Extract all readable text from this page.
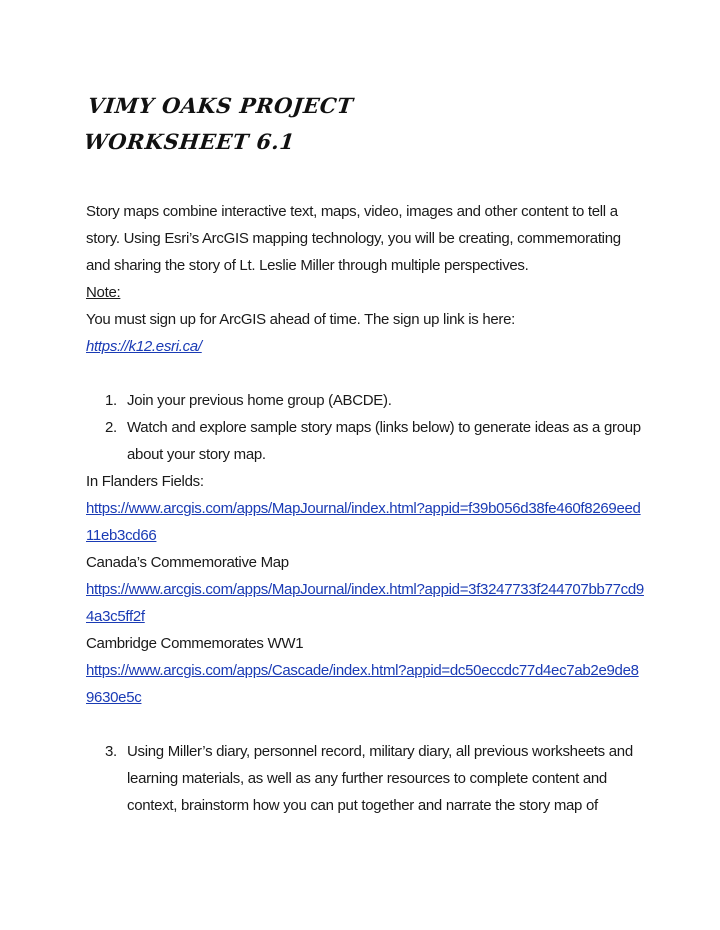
VIMY OAKS PROJECT
WORKSHEET 6.1

Story maps combine interactive text, maps, video, images and other content to tell a story. Using Esri’s ArcGIS mapping technology, you will be creating, commemorating and sharing the story of Lt. Leslie Miller through multiple perspectives.

Note:

You must sign up for ArcGIS ahead of time. The sign up link is here:

https://k12.esri.ca/

1. Join your previous home group (ABCDE).
2. Watch and explore sample story maps (links below) to generate ideas as a group about your story map.

In Flanders Fields:

https://www.arcgis.com/apps/MapJournal/index.html?appid=f39b056d38fe460f8269eed11eb3cd66

Canada’s Commemorative Map

https://www.arcgis.com/apps/MapJournal/index.html?appid=3f3247733f244707bb77cd94a3c5ff2f

Cambridge Commemorates WW1

https://www.arcgis.com/apps/Cascade/index.html?appid=dc50eccdc77d4ec7ab2e9de89630e5c
3. Using Miller’s diary, personnel record, military diary, all previous worksheets and learning materials, as well as any further resources to complete content and context, brainstorm how you can put together and narrate the story map of
